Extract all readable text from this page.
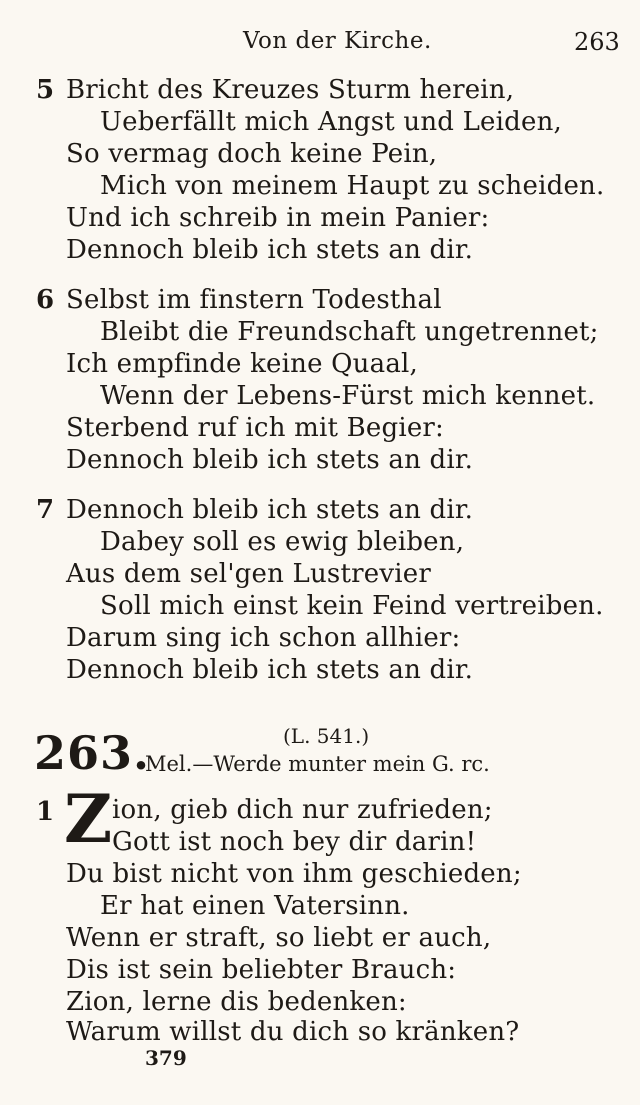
Von der Kirche.	263
5 Bricht des Kreuzes Sturm herein,
Ueberfällt mich Angst und Leiden,
So vermag doch keine Pein,
Mich von meinem Haupt zu scheiden.
Und ich schreib in mein Panier:
Dennoch bleib ich stets an dir.
6 Selbst im finstern Todesthal
Bleibt die Freundschaft ungetrennet;
Ich empfinde keine Quaal,
Wenn der Lebens-Fürst mich kennet.
Sterbend ruf ich mit Begier:
Dennoch bleib ich stets an dir.
7 Dennoch bleib ich stets an dir.
Dabey soll es ewig bleiben,
Aus dem sel'gen Lustrevier
Soll mich einst kein Feind vertreiben.
Darum sing ich schon allhier:
Dennoch bleib ich stets an dir.
263.	(L. 541.)
Mel.—Werde munter mein G. rc.
1 Z ion, gieb dich nur zufrieden;
Gott ist noch bey dir darin!
Du bist nicht von ihm geschieden;
Er hat einen Vatersinn.
Wenn er straft, so liebt er auch,
Dis ist sein beliebter Brauch:
Zion, lerne dis bedenken:
Warum willst du dich so kränken?
379
